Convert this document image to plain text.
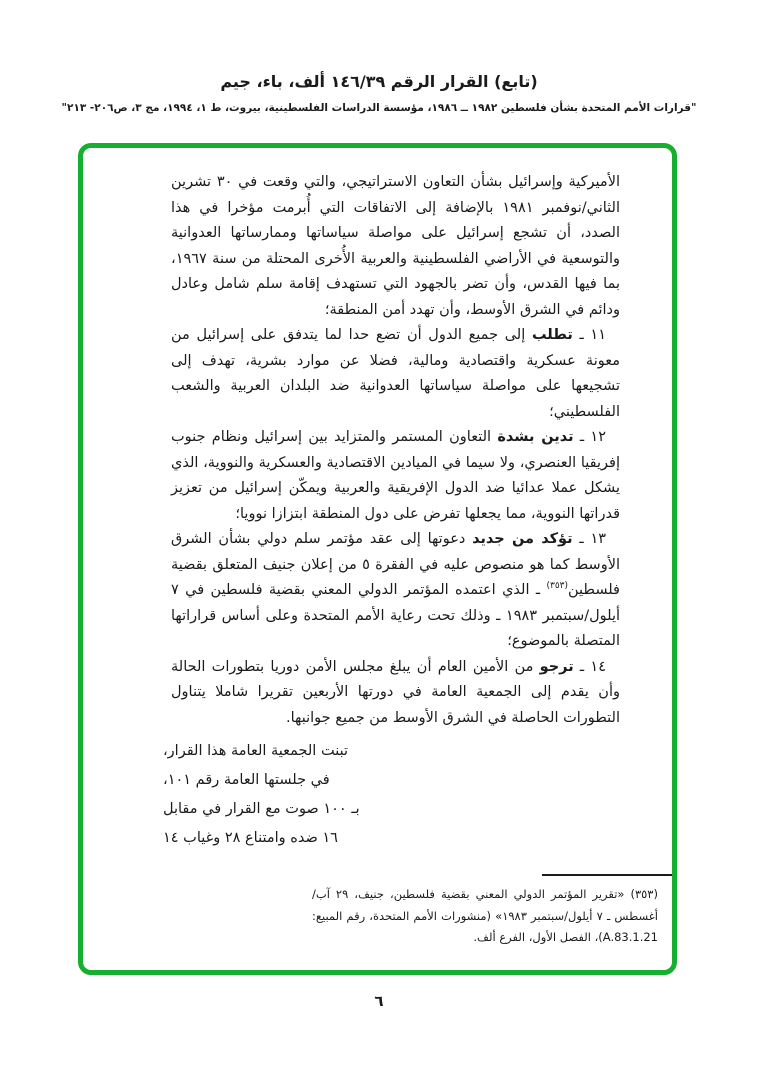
(تابع) القرار الرقم ١٤٦/٣٩ ألف، باء، جيم
"قرارات الأمم المتحدة بشأن فلسطين ١٩٨٢ ــ ١٩٨٦، مؤسسة الدراسات الفلسطينية، بيروت، ط ١، ١٩٩٤، مج ٣، ص٢٠٦- ٢١٣"

الأميركية وإسرائيل بشأن التعاون الاستراتيجي، والتي وقعت في ٣٠ تشرين الثاني/نوفمبر ١٩٨١ بالإضافة إلى الاتفاقات التي أُبرمت مؤخرا في هذا الصدد، أن تشجع إسرائيل على مواصلة سياساتها وممارساتها العدوانية والتوسعية في الأراضي الفلسطينية والعربية الأُخرى المحتلة من سنة ١٩٦٧، بما فيها القدس، وأن تضر بالجهود التي تستهدف إقامة سلم شامل وعادل ودائم في الشرق الأوسط، وأن تهدد أمن المنطقة؛

١١ ـ تطلب إلى جميع الدول أن تضع حدا لما يتدفق على إسرائيل من معونة عسكرية واقتصادية ومالية، فضلا عن موارد بشرية، تهدف إلى تشجيعها على مواصلة سياساتها العدوانية ضد البلدان العربية والشعب الفلسطيني؛

١٢ ـ تدين بشدة التعاون المستمر والمتزايد بين إسرائيل ونظام جنوب إفريقيا العنصري، ولا سيما في الميادين الاقتصادية والعسكرية والنووية، الذي يشكل عملا عدائيا ضد الدول الإفريقية والعربية ويمكّن إسرائيل من تعزيز قدراتها النووية، مما يجعلها تفرض على دول المنطقة ابتزازا نوويا؛

١٣ ـ تؤكد من جديد دعوتها إلى عقد مؤتمر سلم دولي بشأن الشرق الأوسط كما هو منصوص عليه في الفقرة ٥ من إعلان جنيف المتعلق بقضية فلسطين$^{(٣٥٣)}$ ـ الذي اعتمده المؤتمر الدولي المعني بقضية فلسطين في ٧ أيلول/سبتمبر ١٩٨٣ ـ وذلك تحت رعاية الأمم المتحدة وعلى أساس قراراتها المتصلة بالموضوع؛

١٤ ـ ترجو من الأمين العام أن يبلغ مجلس الأمن دوريا بتطورات الحالة وأن يقدم إلى الجمعية العامة في دورتها الأربعين تقريرا شاملا يتناول التطورات الحاصلة في الشرق الأوسط من جميع جوانبها.

تبنت الجمعية العامة هذا القرار،
في جلستها العامة رقم ١٠١،
بـ ١٠٠ صوت مع القرار في مقابل
١٦ ضده وامتناع ٢٨ وغياب ١٤
(٣٥٣) «تقرير المؤتمر الدولي المعني بقضية فلسطين، جنيف، ٢٩ آب/أغسطس ـ ٧ أيلول/سبتمبر ١٩٨٣» (منشورات الأمم المتحدة، رقم المبيع: A.83.1.21)، الفصل الأول، الفرع ألف.
٦
